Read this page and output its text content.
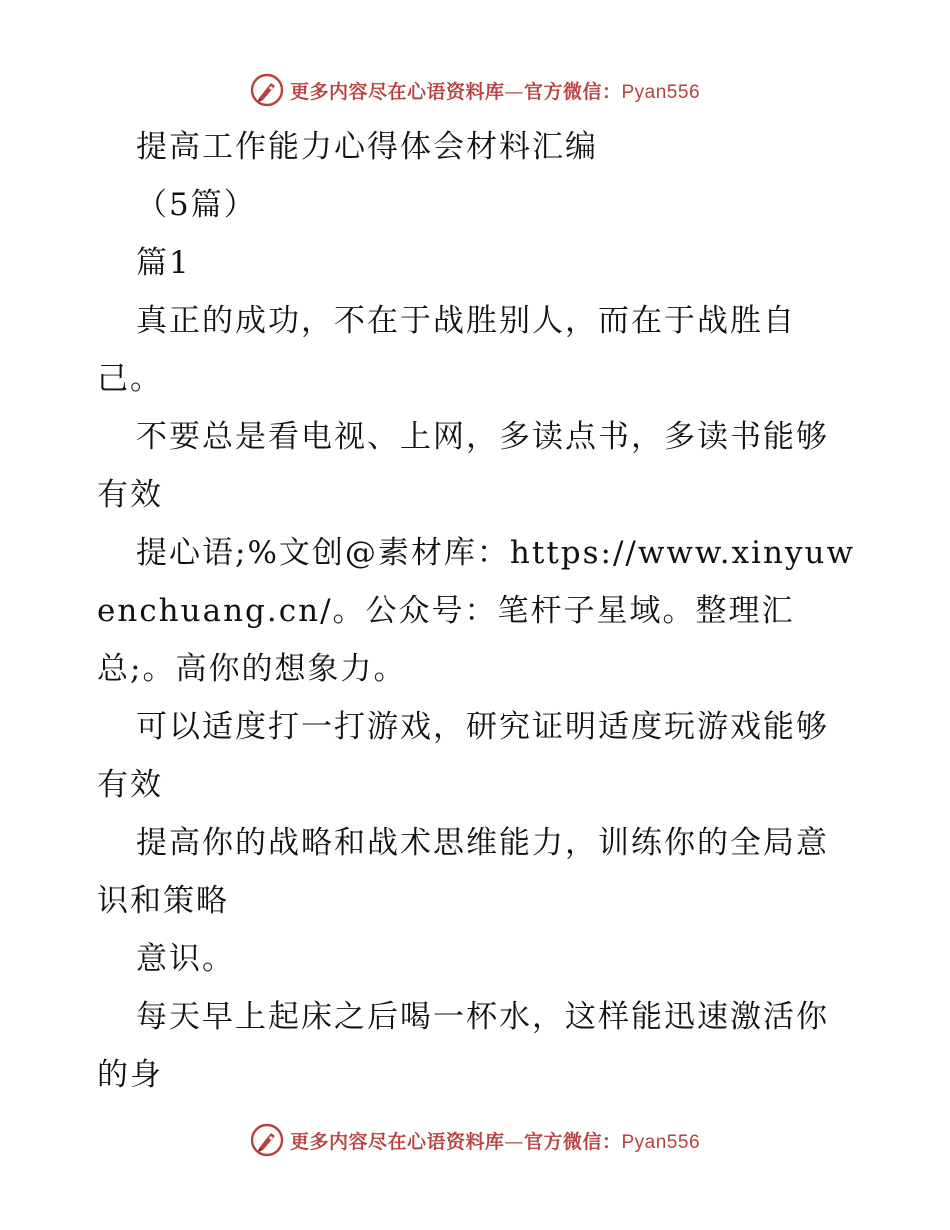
更多内容尽在心语资料库—官方微信：Pyan556

提高工作能力心得体会材料汇编

（5篇）

篇1

真正的成功，不在于战胜别人，而在于战胜自己。

不要总是看电视、上网，多读点书，多读书能够有效

提心语;%文创@素材库：https://www.xinyuwenchuang.cn/。公众号：笔杆子星域。整理汇总;。高你的想象力。

可以适度打一打游戏，研究证明适度玩游戏能够有效

提高你的战略和战术思维能力，训练你的全局意识和策略

意识。

每天早上起床之后喝一杯水，这样能迅速激活你的身

更多内容尽在心语资料库—官方微信：Pyan556
